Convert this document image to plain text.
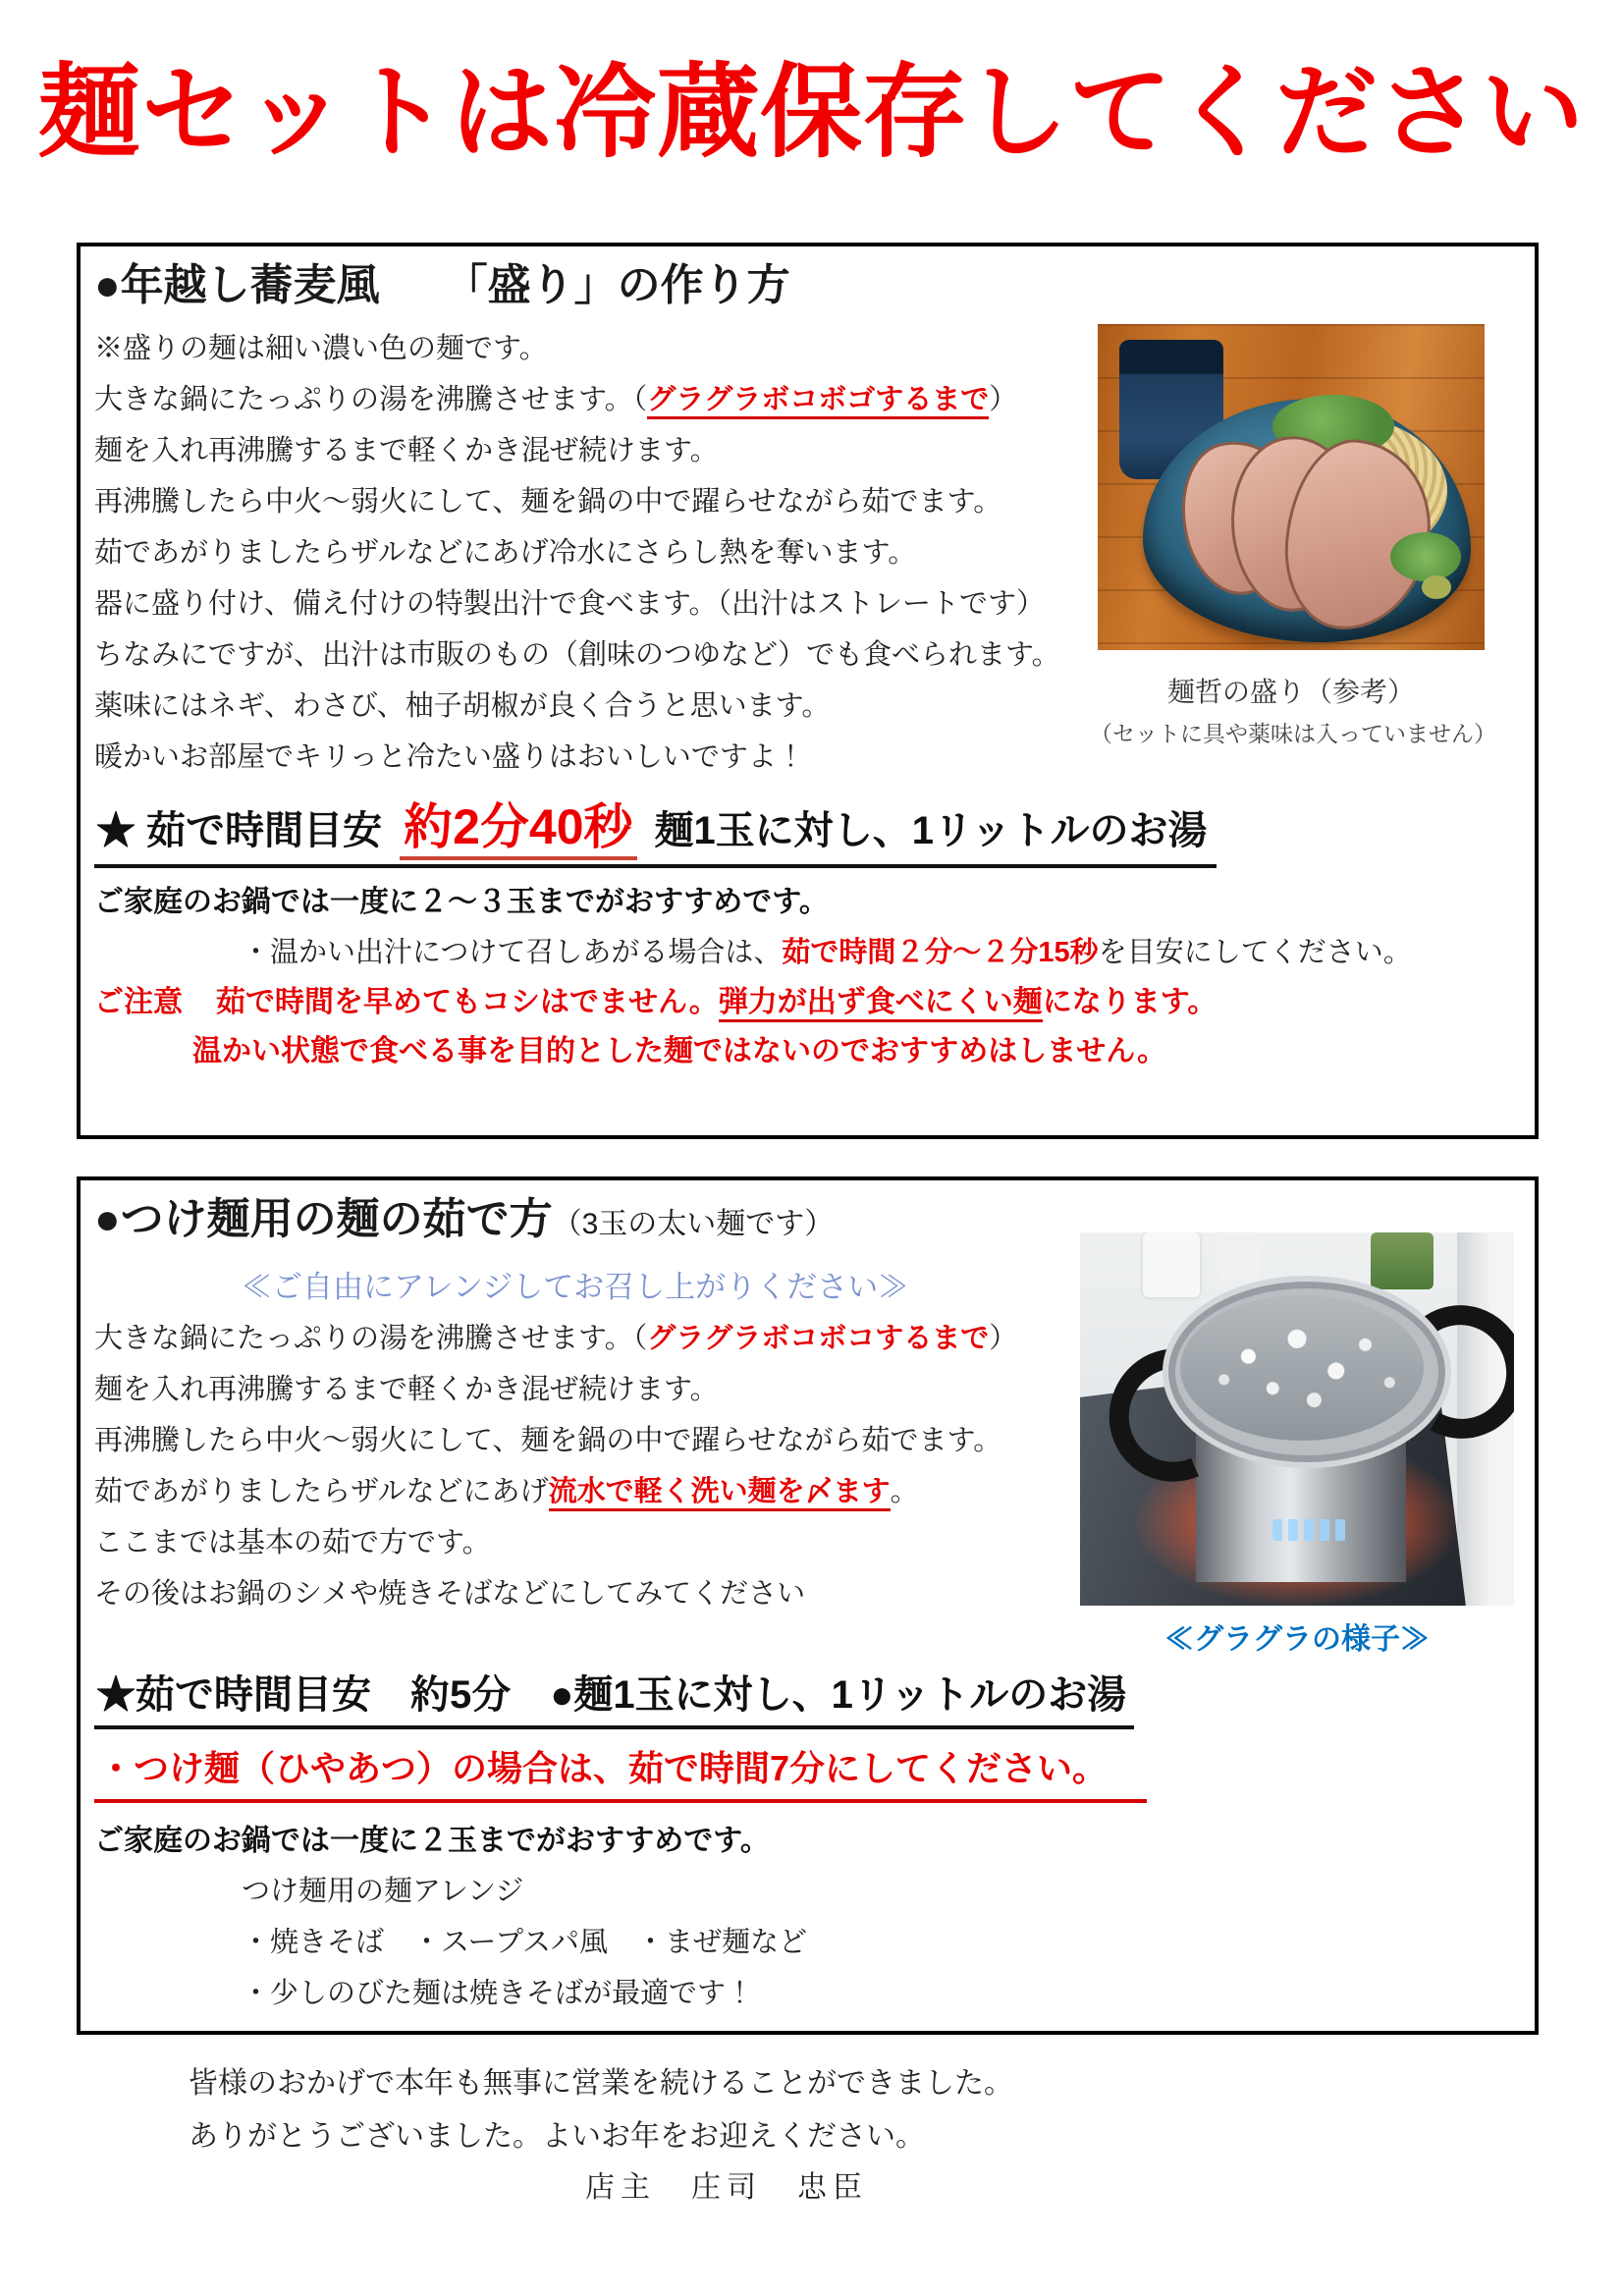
麺セットは冷蔵保存してください
●年越し蕎麦風　　「盛り」の作り方
※盛りの麺は細い濃い色の麺です。
大きな鍋にたっぷりの湯を沸騰させます。（グラグラボコボゴするまで）
麺を入れ再沸騰するまで軽くかき混ぜ続けます。
再沸騰したら中火～弱火にして、麺を鍋の中で躍らせながら茹でます。
茹であがりましたらザルなどにあげ冷水にさらし熱を奪います。
器に盛り付け、備え付けの特製出汁で食べます。（出汁はストレートです）
ちなみにですが、出汁は市販のもの（創味のつゆなど）でも食べられます。
薬味にはネギ、わさび、柚子胡椒が良く合うと思います。
暖かいお部屋でキリっと冷たい盛りはおいしいですよ！
★ 茹で時間目安 約2分40秒 麺1玉に対し、1リットルのお湯
ご家庭のお鍋では一度に２～３玉までがおすすめです。
・温かい出汁につけて召しあがる場合は、茹で時間２分～２分15秒を目安にしてください。
ご注意 茹で時間を早めてもコシはでません。弾力が出ず食べにくい麺になります。
温かい状態で食べる事を目的とした麺ではないのでおすすめはしません。
麺哲の盛り（参考）
（セットに具や薬味は入っていません）
●つけ麺用の麺の茹で方（3玉の太い麺です）
≪ご自由にアレンジしてお召し上がりください≫
大きな鍋にたっぷりの湯を沸騰させます。（グラグラボコボコするまで）
麺を入れ再沸騰するまで軽くかき混ぜ続けます。
再沸騰したら中火～弱火にして、麺を鍋の中で躍らせながら茹でます。
茹であがりましたらザルなどにあげ流水で軽く洗い麺を〆ます。
ここまでは基本の茹で方です。
その後はお鍋のシメや焼きそばなどにしてみてください
★茹で時間目安　約5分　●麺1玉に対し、1リットルのお湯
・つけ麺（ひやあつ）の場合は、茹で時間7分にしてください。
ご家庭のお鍋では一度に２玉までがおすすめです。
つけ麺用の麺アレンジ
・焼きそば　・スープスパ風　・まぜ麺など
・少しのびた麺は焼きそばが最適です！
≪グラグラの様子≫
皆様のおかげで本年も無事に営業を続けることができました。
ありがとうございました。よいお年をお迎えください。
店主　庄司　忠臣
